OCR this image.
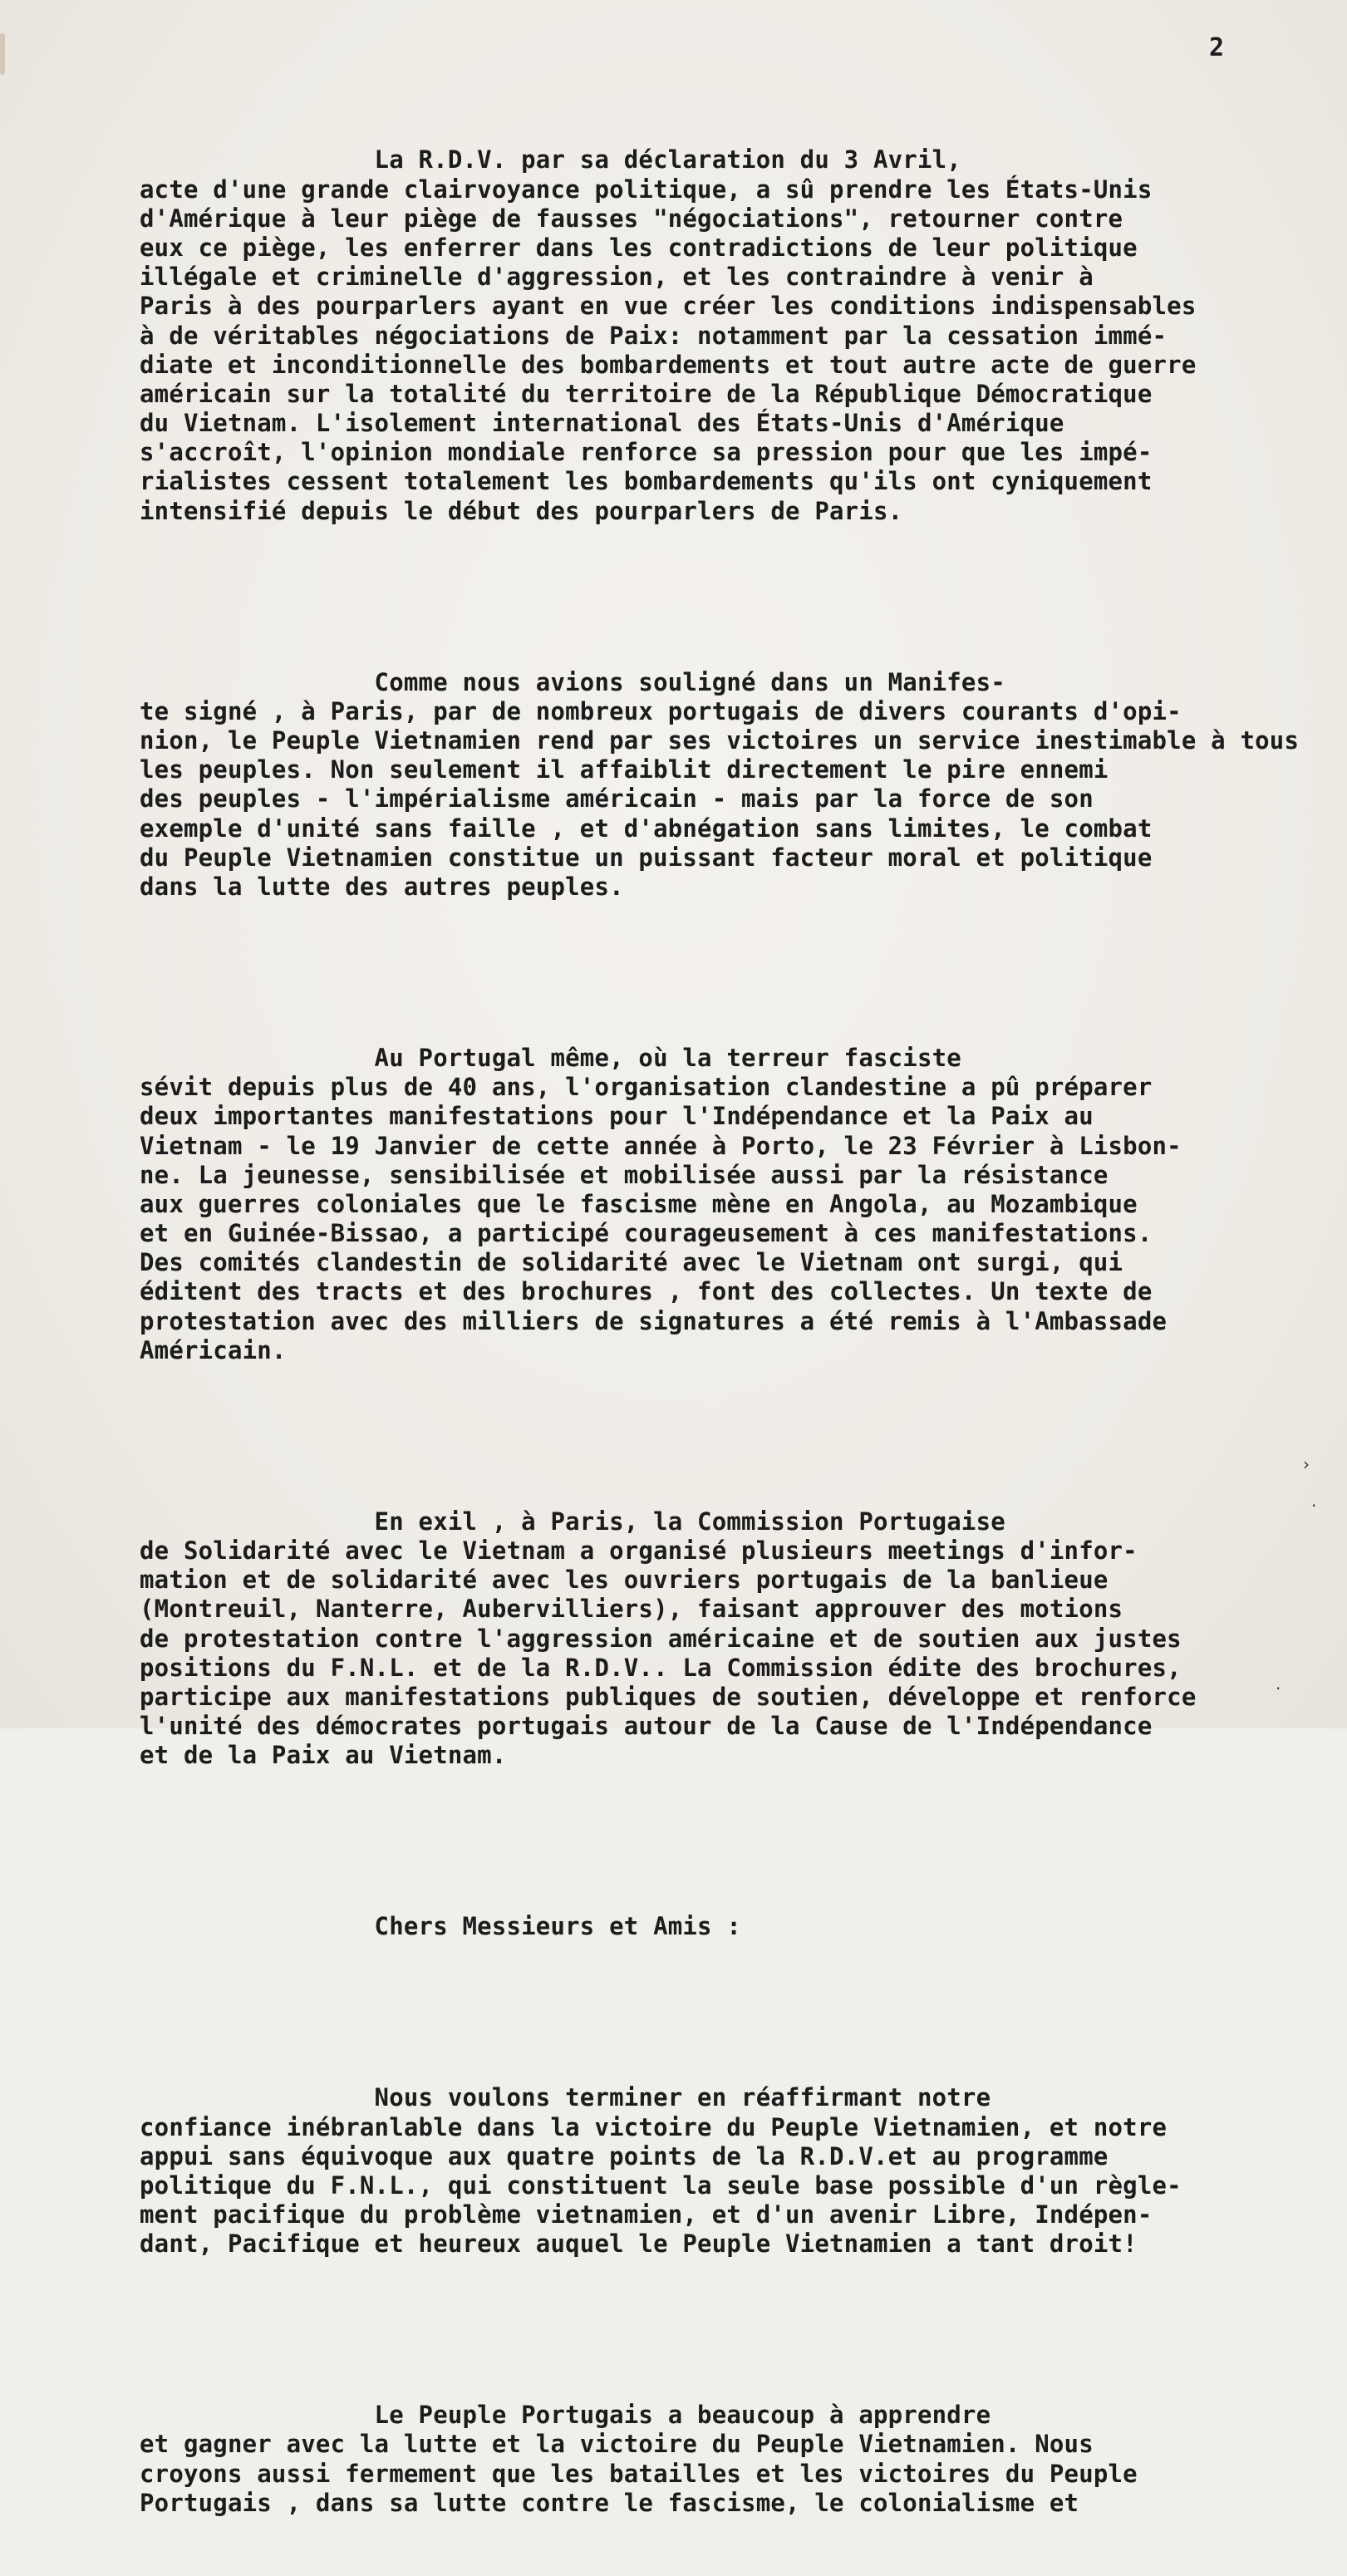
2

La R.D.V. par sa déclaration du 3 Avril,
acte d'une grande clairvoyance politique, a sû prendre les États-Unis
d'Amérique à leur piège de fausses "négociations", retourner contre
eux ce piège, les enferrer dans les contradictions de leur politique
illégale et criminelle d'aggression, et les contraindre à venir à
Paris à des pourparlers ayant en vue créer les conditions indispensables
à de véritables négociations de Paix: notamment par la cessation immé-
diate et inconditionnelle des bombardements et tout autre acte de guerre
américain sur la totalité du territoire de la République Démocratique
du Vietnam. L'isolement international des États-Unis d'Amérique
s'accroît, l'opinion mondiale renforce sa pression pour que les impé-
rialistes cessent totalement les bombardements qu'ils ont cyniquement
intensifié depuis le début des pourparlers de Paris.

Comme nous avions souligné dans un Manifes-
te signé , à Paris, par de nombreux portugais de divers courants d'opi-
nion, le Peuple Vietnamien rend par ses victoires un service inestimable à tous
les peuples. Non seulement il affaiblit directement le pire ennemi
des peuples - l'impérialisme américain - mais par la force de son
exemple d'unité sans faille , et d'abnégation sans limites, le combat
du Peuple Vietnamien constitue un puissant facteur moral et politique
dans la lutte des autres peuples.

Au Portugal même, où la terreur fasciste
sévit depuis plus de 40 ans, l'organisation clandestine a pû préparer
deux importantes manifestations pour l'Indépendance et la Paix au
Vietnam - le 19 Janvier de cette année à Porto, le 23 Février à Lisbon-
ne. La jeunesse, sensibilisée et mobilisée aussi par la résistance
aux guerres coloniales que le fascisme mène en Angola, au Mozambique
et en Guinée-Bissao, a participé courageusement à ces manifestations.
Des comités clandestin de solidarité avec le Vietnam ont surgi, qui
éditent des tracts et des brochures , font des collectes. Un texte de
protestation avec des milliers de signatures a été remis à l'Ambassade
Américain.

En exil , à Paris, la Commission Portugaise
de Solidarité avec le Vietnam a organisé plusieurs meetings d'infor-
mation et de solidarité avec les ouvriers portugais de la banlieue
(Montreuil, Nanterre, Aubervilliers), faisant approuver des motions
de protestation contre l'aggression américaine et de soutien aux justes
positions du F.N.L. et de la R.D.V.. La Commission édite des brochures,
participe aux manifestations publiques de soutien, développe et renforce
l'unité des démocrates portugais autour de la Cause de l'Indépendance
et de la Paix au Vietnam.

Chers Messieurs et Amis :

Nous voulons terminer en réaffirmant notre
confiance inébranlable dans la victoire du Peuple Vietnamien, et notre
appui sans équivoque aux quatre points de la R.D.V.et au programme
politique du F.N.L., qui constituent la seule base possible d'un règle-
ment pacifique du problème vietnamien, et d'un avenir Libre, Indépen-
dant, Pacifique et heureux auquel le Peuple Vietnamien a tant droit!

Le Peuple Portugais a beaucoup à apprendre
et gagner avec la lutte et la victoire du Peuple Vietnamien. Nous
croyons aussi fermement que les batailles et les victoires du Peuple
Portugais , dans sa lutte contre le fascisme, le colonialisme et

›
·
·
